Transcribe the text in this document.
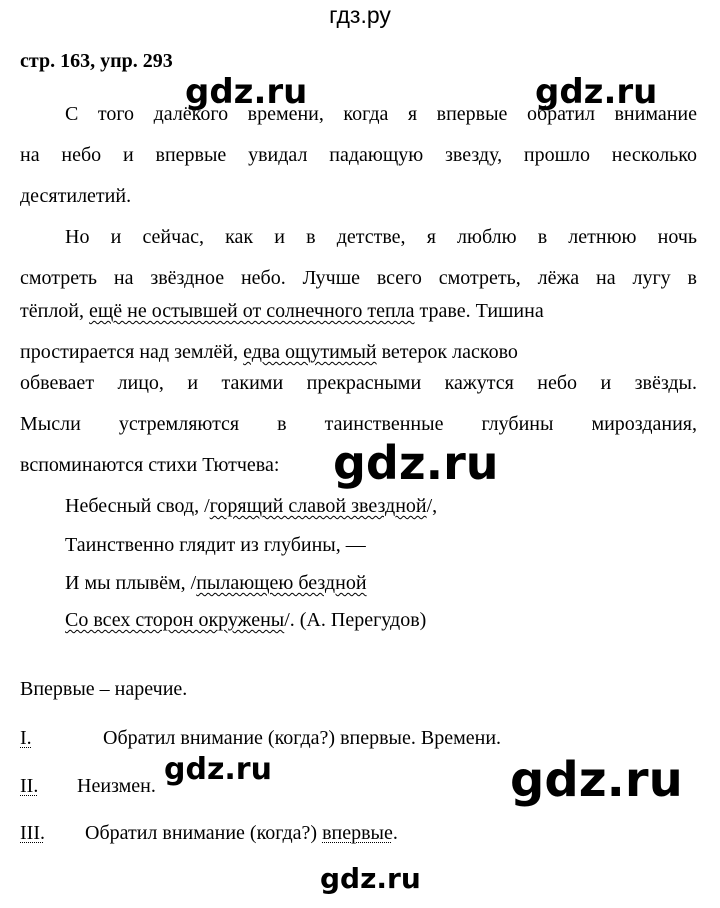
гдз.ру
стр. 163, упр. 293
С того далёкого времени, когда я впервые обратил внимание
на небо и впервые увидал падающую звезду, прошло несколько
десятилетий.
Но и сейчас, как и в детстве, я люблю в летнюю ночь
смотреть на звёздное небо. Лучше всего смотреть, лёжа на лугу в
тёплой, ещё не остывшей от солнечного тепла траве. Тишина
простирается над землёй, едва ощутимый ветерок ласково
обвевает лицо, и такими прекрасными кажутся небо и звёзды.
Мысли устремляются в таинственные глубины мироздания,
вспоминаются стихи Тютчева:
Небесный свод, /горящий славой звездной/,
Таинственно глядит из глубины, —
И мы плывём, /пылающею бездной
Со всех сторон окружены/. (А. Перегудов)
Впервые – наречие.
I.	Обратил внимание (когда?) впервые. Времени.
II. Неизмен.
III. Обратил внимание (когда?) впервые.
gdz.ru	gdz.ru
gdz.ru
gdz.ru	gdz.ru
gdz.ru
